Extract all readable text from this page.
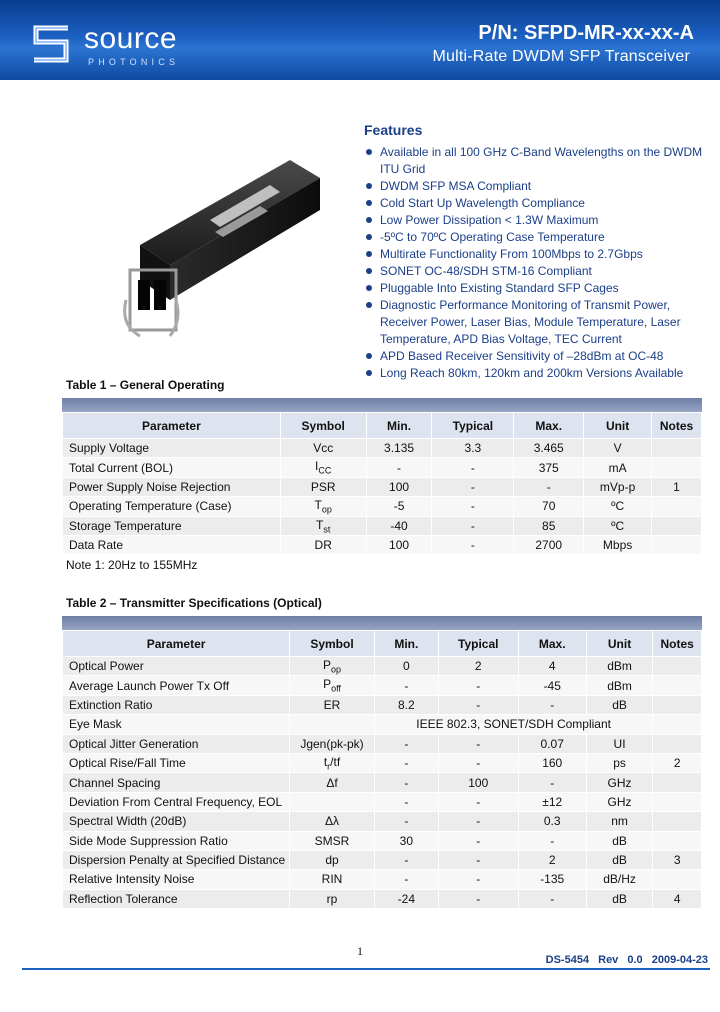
source
PHOTONICS
P/N: SFPD-MR-xx-xx-A
Multi-Rate DWDM SFP Transceiver
Features
Available in all 100 GHz C-Band Wavelengths on the DWDM ITU Grid
DWDM SFP MSA Compliant
Cold Start Up Wavelength Compliance
Low Power Dissipation < 1.3W Maximum
-5ºC to 70ºC Operating Case Temperature
Multirate Functionality From 100Mbps to 2.7Gbps
SONET OC-48/SDH STM-16 Compliant
Pluggable Into Existing Standard SFP Cages
Diagnostic Performance Monitoring of Transmit Power, Receiver Power, Laser Bias, Module Temperature, Laser Temperature, APD Bias Voltage, TEC Current
APD Based Receiver Sensitivity of –28dBm at OC-48
Long Reach 80km, 120km and 200km Versions Available
Table 1 – General Operating
Parameter	Symbol	Min.	Typical	Max.	Unit	Notes
Supply Voltage	Vcc	3.135	3.3	3.465	V	
Total Current (BOL)	$I_{CC}$	-	-	375	mA	
Power Supply Noise Rejection	PSR	100	-	-	mVp-p	1
Operating Temperature (Case)	$T_{op}$	-5	-	70	ºC	
Storage Temperature	$T_{st}$	-40	-	85	ºC	
Data Rate	DR	100	-	2700	Mbps	
Note 1: 20Hz to 155MHz
Table 2 – Transmitter Specifications (Optical)
Parameter	Symbol	Min.	Typical	Max.	Unit	Notes
Optical Power	$P_{op}$	0	2	4	dBm	
Average Launch Power Tx Off	$P_{off}$	-	-	-45	dBm	
Extinction Ratio	ER	8.2	-	-	dB	
Eye Mask		IEEE 802.3, SONET/SDH Compliant				
Optical Jitter Generation	Jgen(pk-pk)	-	-	0.07	UI	
Optical Rise/Fall Time	$t_r/tf$	-	-	160	ps	2
Channel Spacing	Δf	-	100	-	GHz	
Deviation From Central Frequency, EOL		-	-	±12	GHz	
Spectral Width (20dB)	Δλ	-	-	0.3	nm	
Side Mode Suppression Ratio	SMSR	30	-	-	dB	
Dispersion Penalty at Specified Distance	dp	-	-	2	dB	3
Relative Intensity Noise	RIN	-	-	-135	dB/Hz	
Reflection Tolerance	rp	-24	-	-	dB	4
1
DS-5454 Rev 0.0 2009-04-23
